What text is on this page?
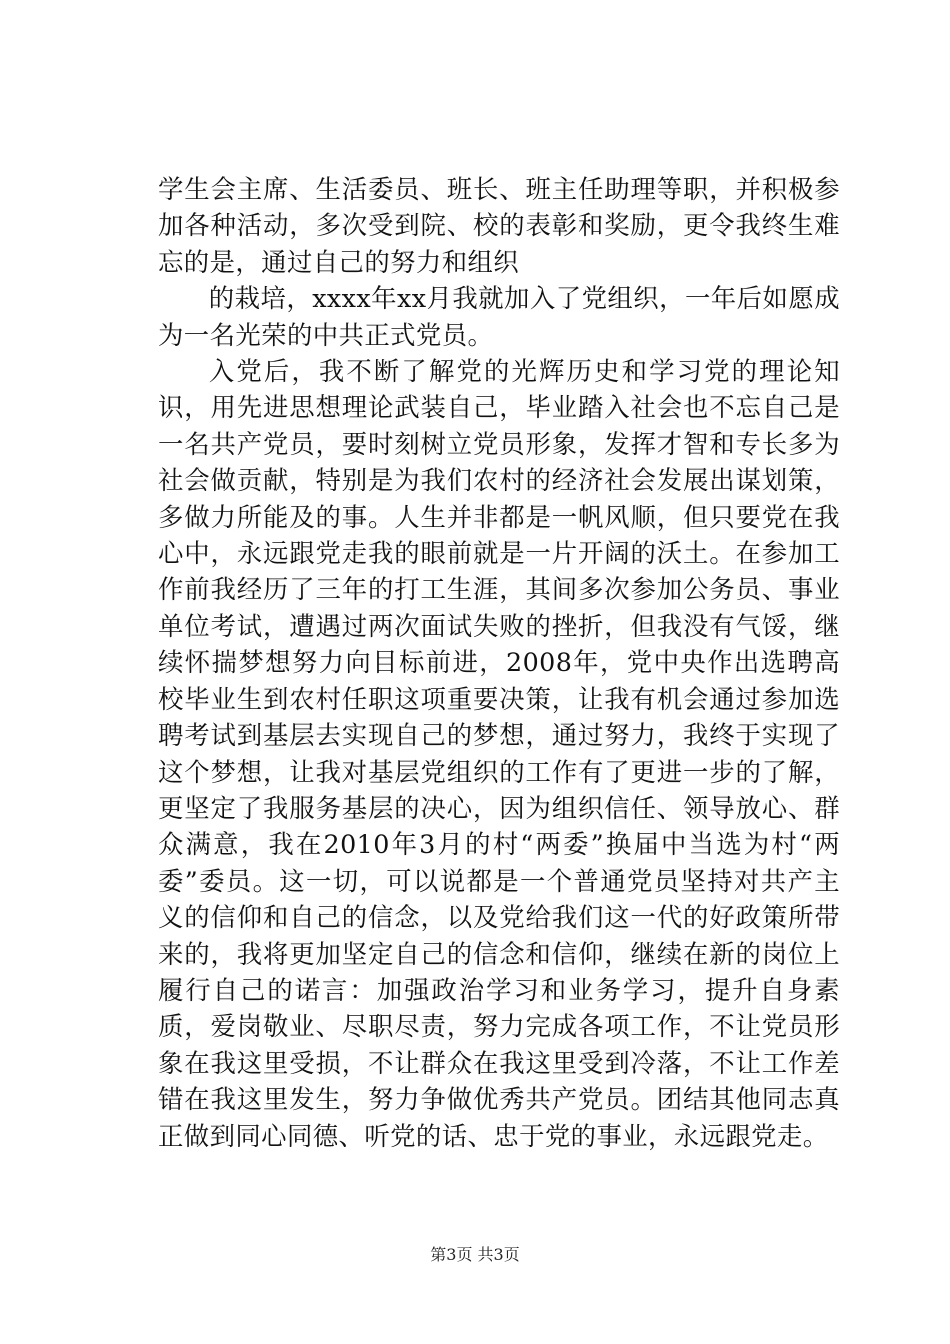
学生会主席、生活委员、班长、班主任助理等职，并积极参加各种活动，多次受到院、校的表彰和奖励，更令我终生难忘的是，通过自己的努力和组织

的栽培，xxxx年xx月我就加入了党组织，一年后如愿成为一名光荣的中共正式党员。

入党后，我不断了解党的光辉历史和学习党的理论知识，用先进思想理论武装自己，毕业踏入社会也不忘自己是一名共产党员，要时刻树立党员形象，发挥才智和专长多为社会做贡献，特别是为我们农村的经济社会发展出谋划策，多做力所能及的事。人生并非都是一帆风顺，但只要党在我心中，永远跟党走我的眼前就是一片开阔的沃土。在参加工作前我经历了三年的打工生涯，其间多次参加公务员、事业单位考试，遭遇过两次面试失败的挫折，但我没有气馁，继续怀揣梦想努力向目标前进，2008年，党中央作出选聘高校毕业生到农村任职这项重要决策，让我有机会通过参加选聘考试到基层去实现自己的梦想，通过努力，我终于实现了这个梦想，让我对基层党组织的工作有了更进一步的了解，更坚定了我服务基层的决心，因为组织信任、领导放心、群众满意，我在2010年3月的村“两委”换届中当选为村“两委”委员。这一切，可以说都是一个普通党员坚持对共产主义的信仰和自己的信念，以及党给我们这一代的好政策所带来的，我将更加坚定自己的信念和信仰，继续在新的岗位上履行自己的诺言：加强政治学习和业务学习，提升自身素质，爱岗敬业、尽职尽责，努力完成各项工作，不让党员形象在我这里受损，不让群众在我这里受到冷落，不让工作差错在我这里发生，努力争做优秀共产党员。团结其他同志真正做到同心同德、听党的话、忠于党的事业，永远跟党走。

第3页 共3页
